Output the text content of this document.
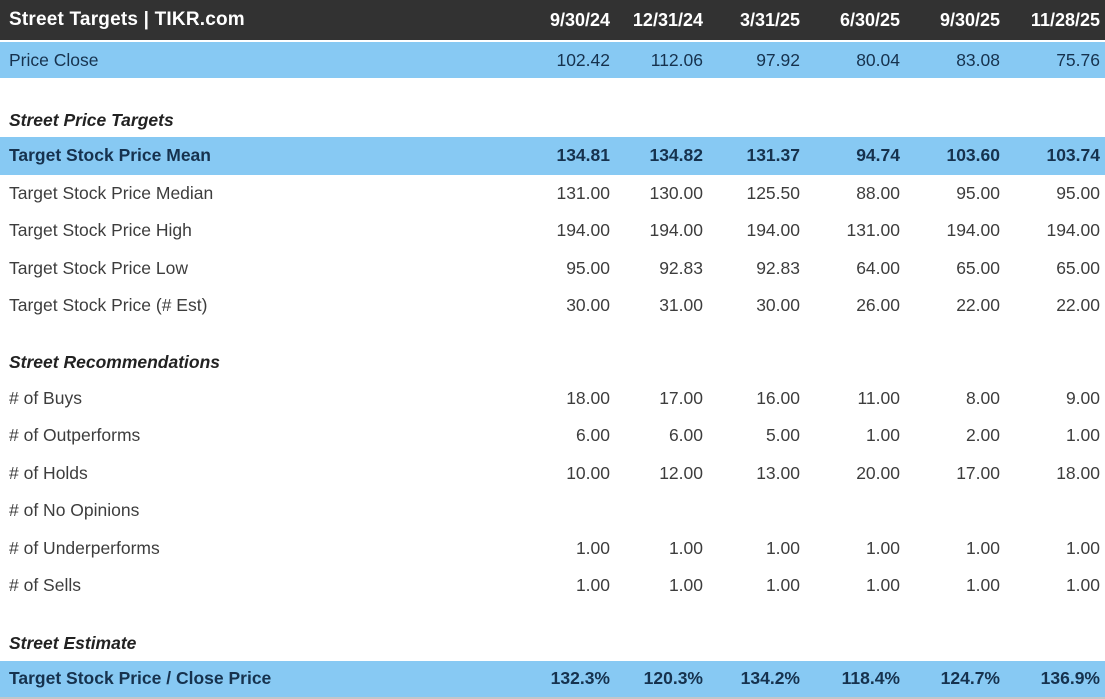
Street Targets | TIKR.com	9/30/24	12/31/24	3/31/25	6/30/25	9/30/25	11/28/25
Price Close	102.42	112.06	97.92	80.04	83.08	75.76
Street Price Targets
Target Stock Price Mean	134.81	134.82	131.37	94.74	103.60	103.74
Target Stock Price Median	131.00	130.00	125.50	88.00	95.00	95.00
Target Stock Price High	194.00	194.00	194.00	131.00	194.00	194.00
Target Stock Price Low	95.00	92.83	92.83	64.00	65.00	65.00
Target Stock Price (# Est)	30.00	31.00	30.00	26.00	22.00	22.00
Street Recommendations
# of Buys	18.00	17.00	16.00	11.00	8.00	9.00
# of Outperforms	6.00	6.00	5.00	1.00	2.00	1.00
# of Holds	10.00	12.00	13.00	20.00	17.00	18.00
# of No Opinions
# of Underperforms	1.00	1.00	1.00	1.00	1.00	1.00
# of Sells	1.00	1.00	1.00	1.00	1.00	1.00
Street Estimate
Target Stock Price / Close Price	132.3%	120.3%	134.2%	118.4%	124.7%	136.9%
